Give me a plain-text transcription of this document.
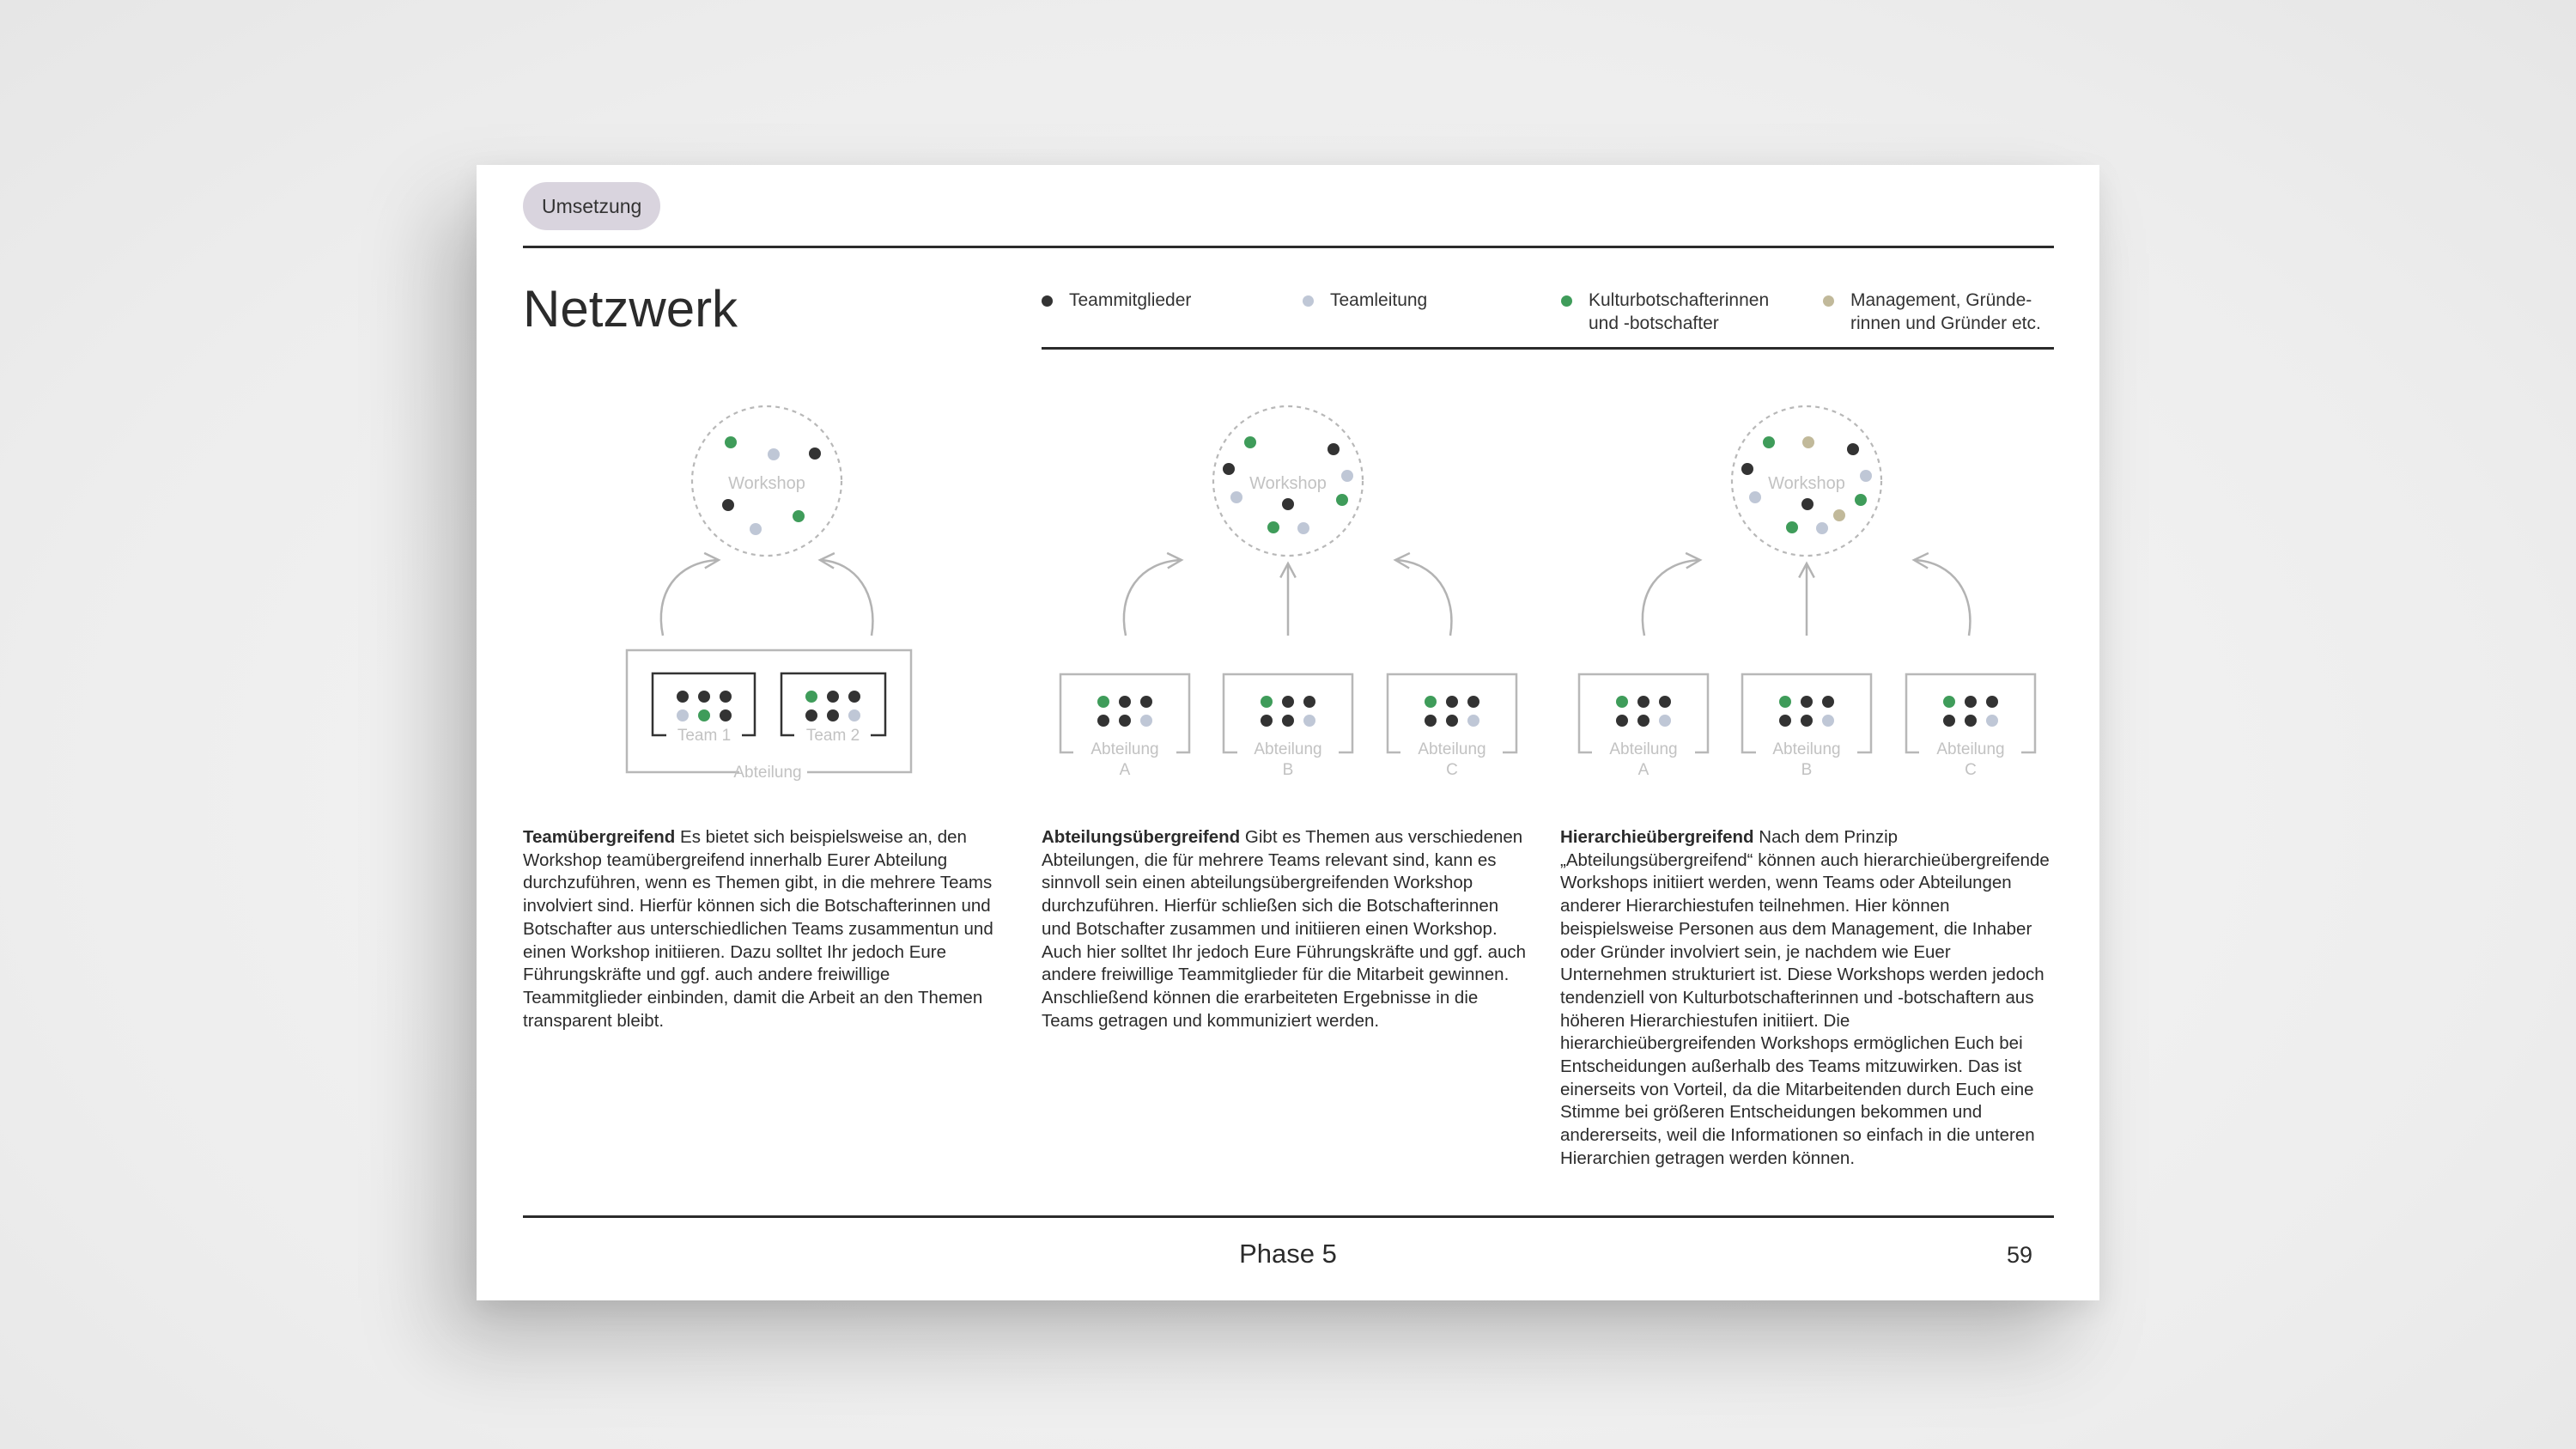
Umsetzung
Netzwerk	Teammitglieder	Teamleitung	Kulturbotschafterinnen und -botschafter
Management, Gründe-rinnen und Gründer etc.
Workshop
Abteilung
Team 1	Team 2
Workshop
Abteilung
A
Abteilung
B
Abteilung
C
Workshop
Abteilung
A
Abteilung
B
Abteilung
C
Teamübergreifend Es bietet sich beispielsweise an, den Workshop teamübergreifend innerhalb Eurer Abteilung durchzuführen, wenn es Themen gibt, in die mehrere Teams involviert sind. Hierfür können sich die Botschafterinnen und Botschafter aus unterschiedlichen Teams zusammentun und einen Workshop initiieren. Dazu solltet Ihr jedoch Eure Führungskräfte und ggf. auch andere freiwillige Teammitglieder einbinden, damit die Arbeit an den Themen transparent bleibt.
Abteilungsübergreifend Gibt es Themen aus verschiedenen Abteilungen, die für mehrere Teams relevant sind, kann es sinnvoll sein einen abteilungsübergreifenden Workshop durchzuführen. Hierfür schließen sich die Botschafterinnen und Botschafter zusammen und initiieren einen Workshop. Auch hier solltet Ihr jedoch Eure Führungskräfte und ggf. auch andere freiwillige Teammitglieder für die Mitarbeit gewinnen. Anschließend können die erarbeiteten Ergebnisse in die Teams getragen und kommuniziert werden.
Hierarchieübergreifend Nach dem Prinzip „Abteilungsübergreifend“ können auch hierarchieübergreifende Workshops initiiert werden, wenn Teams oder Abteilungen anderer Hierarchiestufen teilnehmen. Hier können beispielsweise Personen aus dem Management, die Inhaber oder Gründer involviert sein, je nachdem wie Euer Unternehmen strukturiert ist. Diese Workshops werden jedoch tendenziell von Kulturbotschafterinnen und -botschaftern aus höheren Hierarchiestufen initiiert. Die hierarchieübergreifenden Workshops ermöglichen Euch bei Entscheidungen außerhalb des Teams mitzuwirken. Das ist einerseits von Vorteil, da die Mitarbeitenden durch Euch eine Stimme bei größeren Entscheidungen bekommen und andererseits, weil die Informationen so einfach in die unteren Hierarchien getragen werden können.
Phase 5	59
